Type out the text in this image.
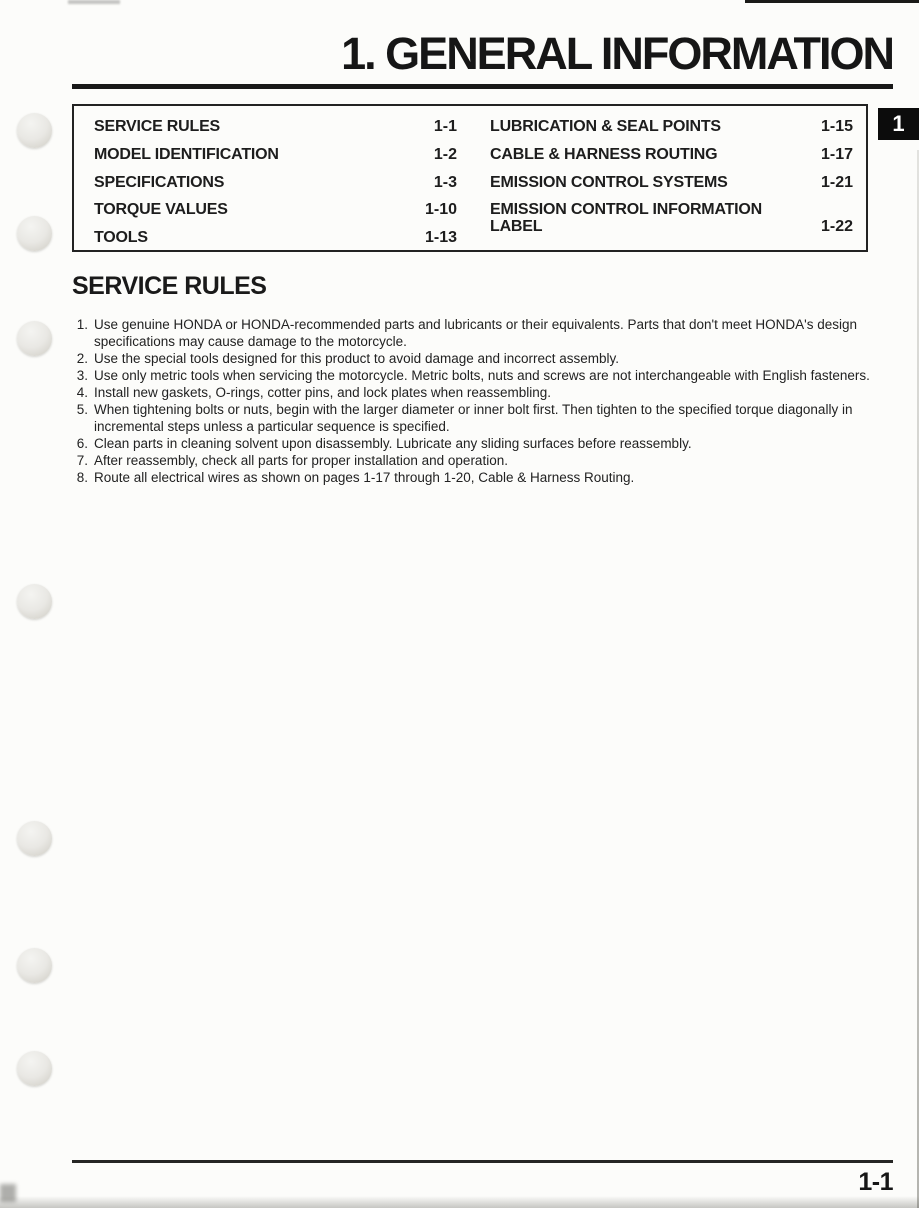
1. GENERAL INFORMATION
SERVICE RULES	1-1
MODEL IDENTIFICATION	1-2
SPECIFICATIONS	1-3
TORQUE VALUES	1-10
TOOLS	1-13
LUBRICATION & SEAL POINTS	1-15
CABLE & HARNESS ROUTING	1-17
EMISSION CONTROL SYSTEMS	1-21
EMISSION CONTROL INFORMATION LABEL	1-22
1
SERVICE RULES
1. Use genuine HONDA or HONDA-recommended parts and lubricants or their equivalents. Parts that don't meet HONDA's design specifications may cause damage to the motorcycle.
2. Use the special tools designed for this product to avoid damage and incorrect assembly.
3. Use only metric tools when servicing the motorcycle. Metric bolts, nuts and screws are not interchangeable with English fasteners.
4. Install new gaskets, O-rings, cotter pins, and lock plates when reassembling.
5. When tightening bolts or nuts, begin with the larger diameter or inner bolt first. Then tighten to the specified torque diagonally in incremental steps unless a particular sequence is specified.
6. Clean parts in cleaning solvent upon disassembly. Lubricate any sliding surfaces before reassembly.
7. After reassembly, check all parts for proper installation and operation.
8. Route all electrical wires as shown on pages 1-17 through 1-20, Cable & Harness Routing.
1-1
